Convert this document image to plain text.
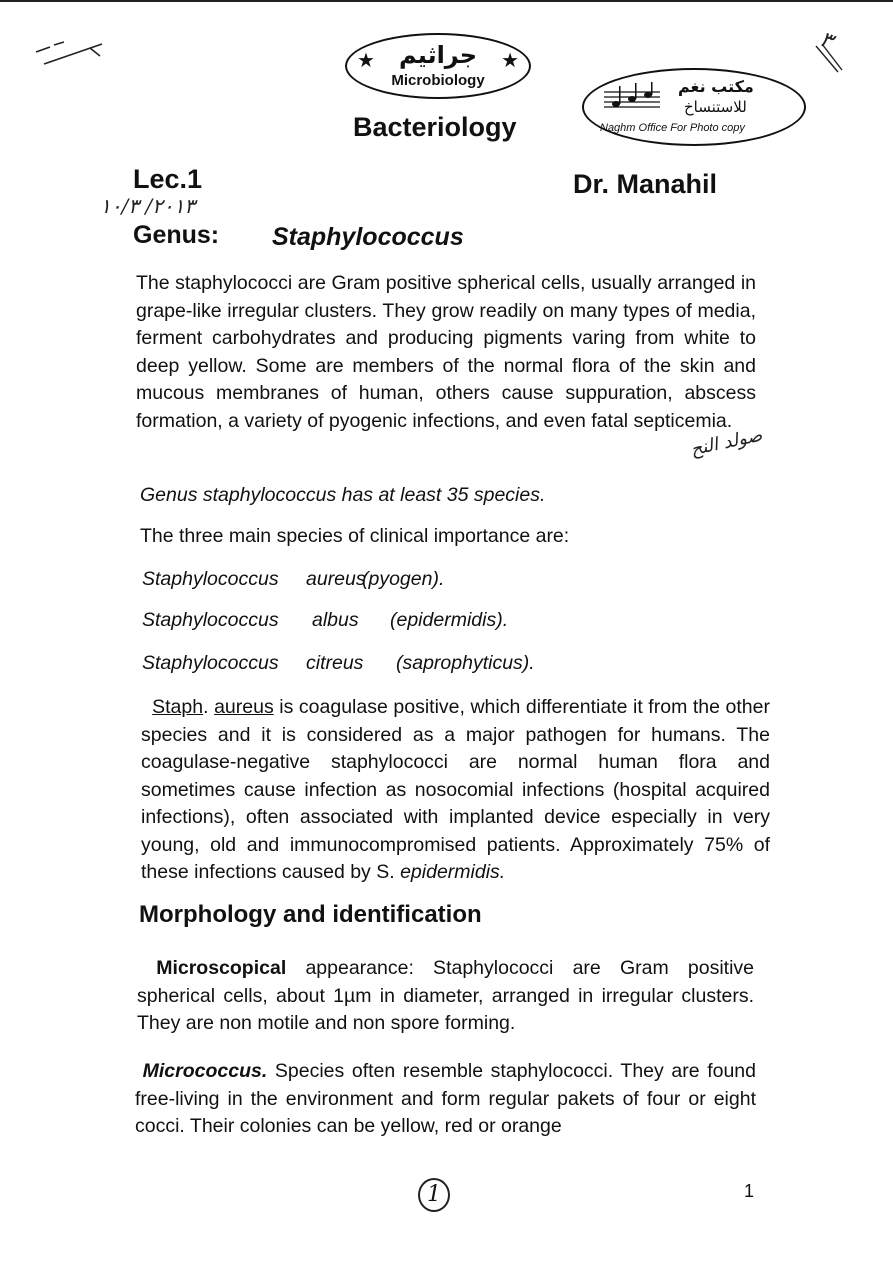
★	★
جراثيم
Microbiology	مكتب نغم
للاستنساخ
Naghm Office For Photo copy
Bacteriology
Lec.1	Dr. Manahil
٢٠١٣/ ١٠/٣
Genus: Staphylococcus
The staphylococci are Gram positive spherical cells, usually arranged in grape-like irregular clusters. They grow readily on many types of media, ferment carbohydrates and producing pigments varing from white to deep yellow. Some are members of the normal flora of the skin and mucous membranes of human, others cause suppuration, abscess formation, a variety of pyogenic infections, and even fatal septicemia.
Genus staphylococcus has at least 35 species.
The three main species of clinical importance are:
Staphylococcus aureus
(pyogen).
Staphylococcus albus (epidermidis).
Staphylococcus citreus (saprophyticus).
Staph. aureus is coagulase positive, which differentiate it from the other species and it is considered as a major pathogen for humans. The coagulase-negative staphylococci are normal human flora and sometimes cause infection as nosocomial infections (hospital acquired infections), often associated with implanted device especially in very young, old and immunocompromised patients. Approximately 75% of these infections caused by S. epidermidis.
Morphology and identification
Microscopical appearance: Staphylococci are Gram positive spherical cells, about 1µm in diameter, arranged in irregular clusters. They are non motile and non spore forming.
Micrococcus. Species often resemble staphylococci. They are found free-living in the environment and form regular pakets of four or eight cocci. Their colonies can be yellow, red or orange
صولد النح
٣
1	1
